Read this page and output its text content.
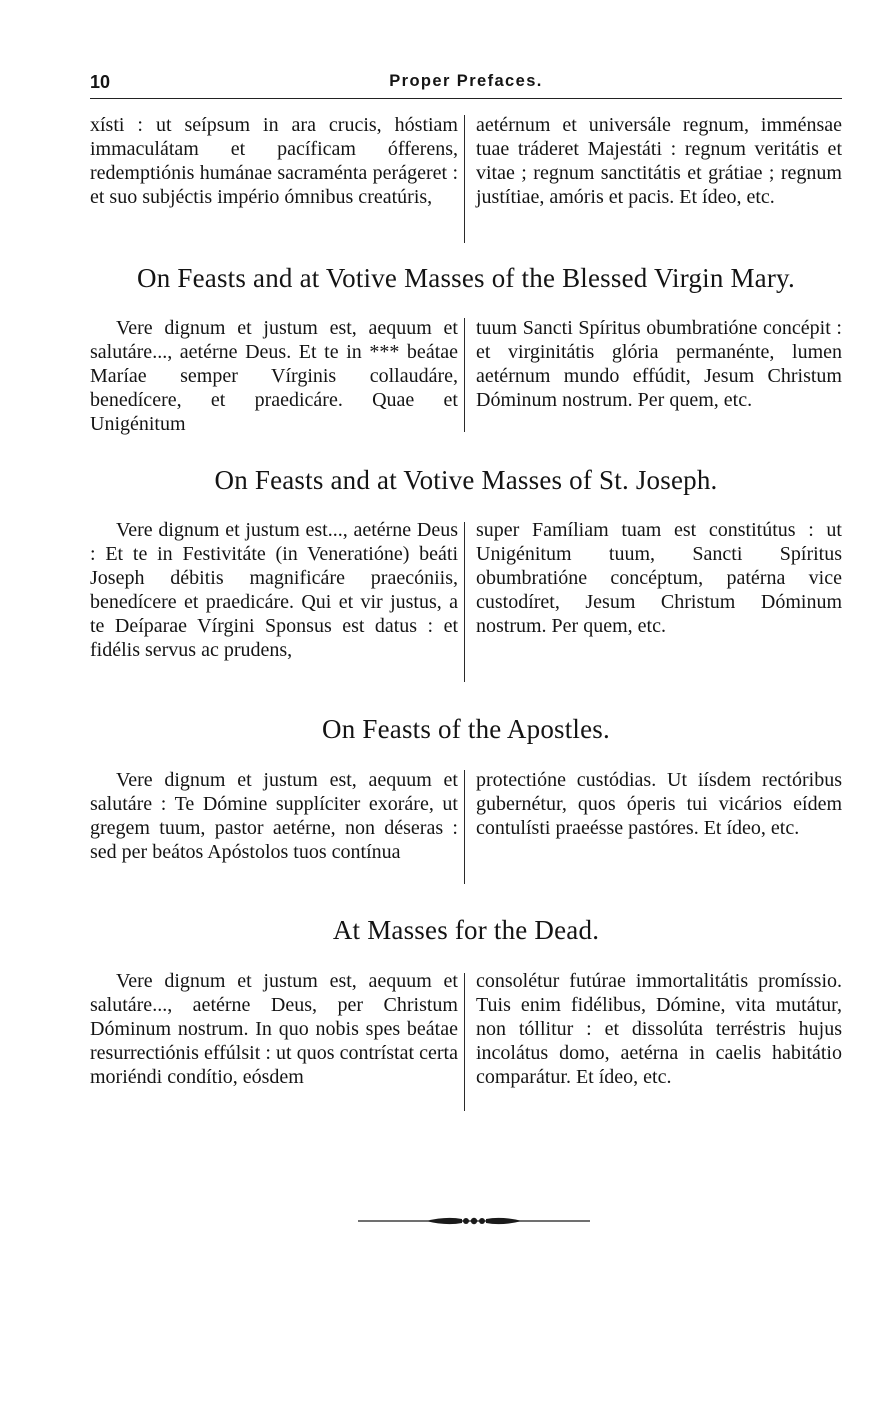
10	Proper Prefaces.

xísti : ut seípsum in ara crucis, hóstiam immaculátam et pacíficam ófferens, redemptiónis humánae sacraménta perágeret : et suo subjéctis império ómnibus creatúris,

aetérnum et universále regnum, imménsae tuae tráderet Majestáti : regnum veritátis et vitae ; regnum sanctitátis et grátiae ; regnum justítiae, amóris et pacis. Et ídeo, etc.

On Feasts and at Votive Masses of the Blessed Virgin Mary.

Vere dignum et justum est, aequum et salutáre..., aetérne Deus. Et te in *** beátae Maríae semper Vírginis collaudáre, benedícere, et praedicáre. Quae et Unigénitum

tuum Sancti Spíritus obumbratióne concépit : et virginitátis glória permanénte, lumen aetérnum mundo effúdit, Jesum Christum Dóminum nostrum. Per quem, etc.

On Feasts and at Votive Masses of St. Joseph.

Vere dignum et justum est..., aetérne Deus : Et te in Festivitáte (in Veneratióne) beáti Joseph débitis magnificáre praecóniis, benedícere et praedicáre. Qui et vir justus, a te Deíparae Vírgini Sponsus est datus : et fidélis servus ac prudens,

super Famíliam tuam est constitútus : ut Unigénitum tuum, Sancti Spíritus obumbratióne concéptum, patérna vice custodíret, Jesum Christum Dóminum nostrum. Per quem, etc.

On Feasts of the Apostles.

Vere dignum et justum est, aequum et salutáre : Te Dómine supplíciter exoráre, ut gregem tuum, pastor aetérne, non déseras : sed per beátos Apóstolos tuos contínua

protectióne custódias. Ut iísdem rectóribus gubernétur, quos óperis tui vicários eídem contulísti praeésse pastóres. Et ídeo, etc.

At Masses for the Dead.

Vere dignum et justum est, aequum et salutáre..., aetérne Deus, per Christum Dóminum nostrum. In quo nobis spes beátae resurrectiónis effúlsit : ut quos contrístat certa moriéndi condítio, eósdem

consolétur futúrae immortalitátis promíssio. Tuis enim fidélibus, Dómine, vita mutátur, non tóllitur : et dissolúta terréstris hujus incolátus domo, aetérna in caelis habitátio comparátur. Et ídeo, etc.
